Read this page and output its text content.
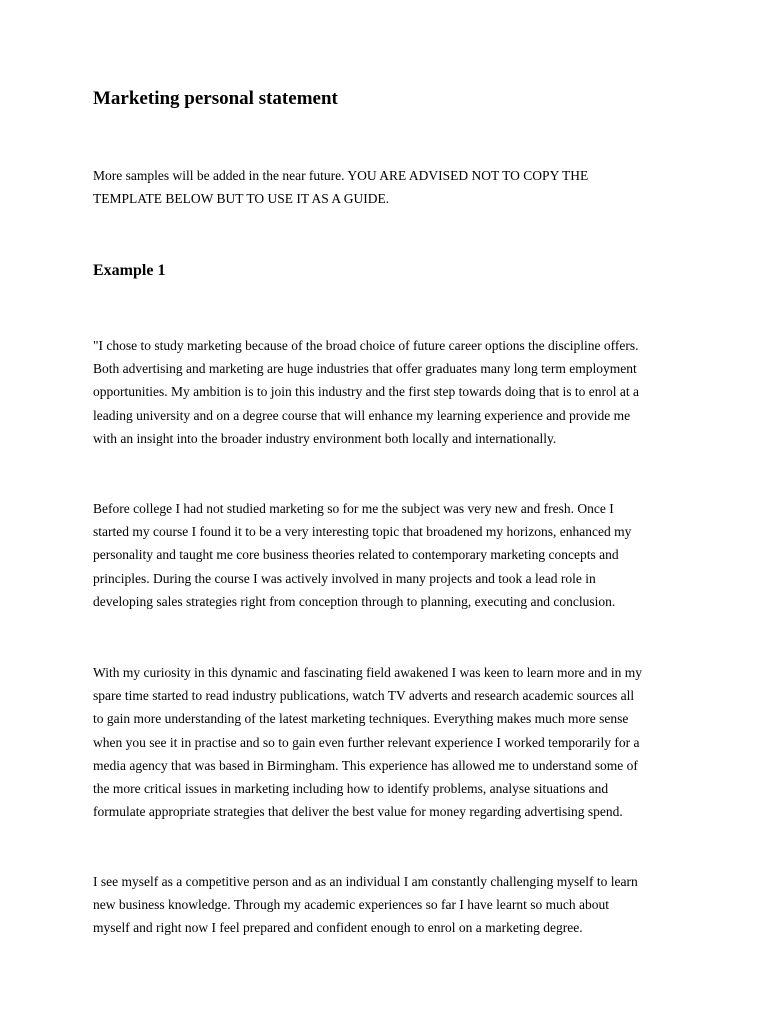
Marketing personal statement

More samples will be added in the near future. YOU ARE ADVISED NOT TO COPY THE
TEMPLATE BELOW BUT TO USE IT AS A GUIDE.

Example 1

"I chose to study marketing because of the broad choice of future career options the discipline offers.
Both advertising and marketing are huge industries that offer graduates many long term employment
opportunities. My ambition is to join this industry and the first step towards doing that is to enrol at a
leading university and on a degree course that will enhance my learning experience and provide me
with an insight into the broader industry environment both locally and internationally.

Before college I had not studied marketing so for me the subject was very new and fresh. Once I
started my course I found it to be a very interesting topic that broadened my horizons, enhanced my
personality and taught me core business theories related to contemporary marketing concepts and
principles. During the course I was actively involved in many projects and took a lead role in
developing sales strategies right from conception through to planning, executing and conclusion.

With my curiosity in this dynamic and fascinating field awakened I was keen to learn more and in my
spare time started to read industry publications, watch TV adverts and research academic sources all
to gain more understanding of the latest marketing techniques. Everything makes much more sense
when you see it in practise and so to gain even further relevant experience I worked temporarily for a
media agency that was based in Birmingham. This experience has allowed me to understand some of
the more critical issues in marketing including how to identify problems, analyse situations and
formulate appropriate strategies that deliver the best value for money regarding advertising spend.

I see myself as a competitive person and as an individual I am constantly challenging myself to learn
new business knowledge. Through my academic experiences so far I have learnt so much about
myself and right now I feel prepared and confident enough to enrol on a marketing degree.
